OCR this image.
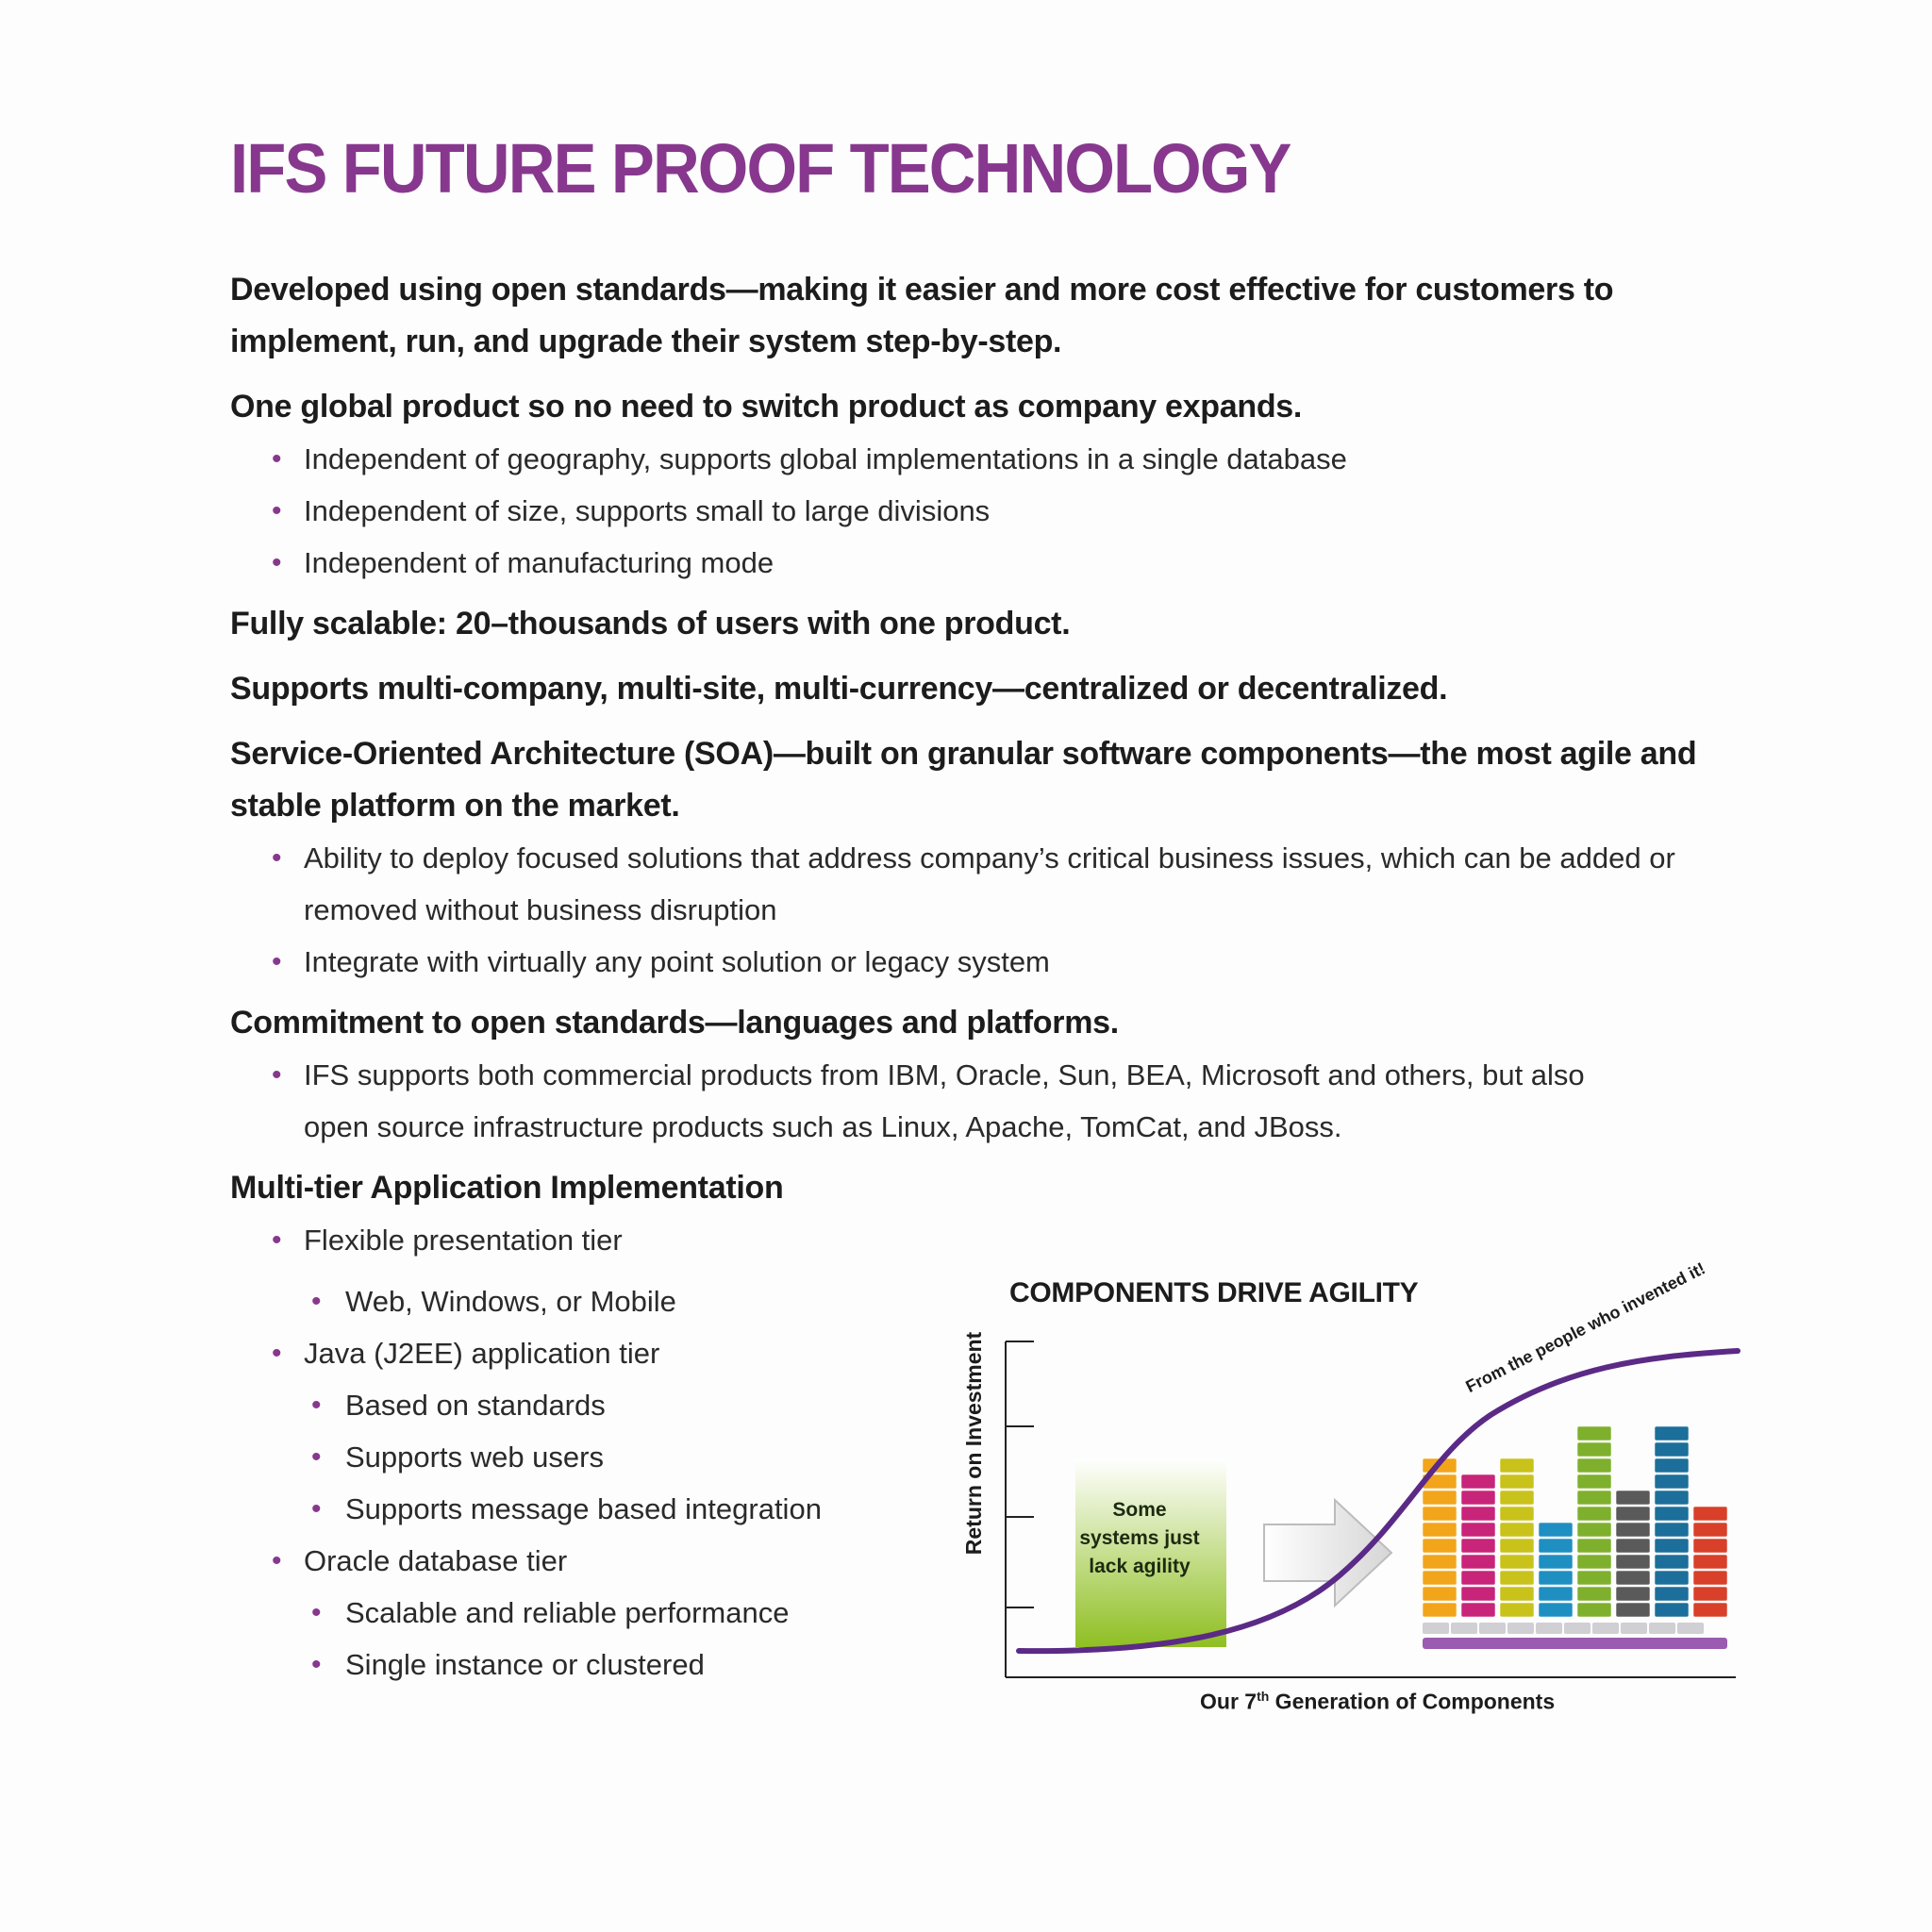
IFS FUTURE PROOF TECHNOLOGY

Developed using open standards—making it easier and more cost effective for customers to implement, run, and upgrade their system step-by-step.

One global product so no need to switch product as company expands.

• Independent of geography, supports global implementations in a single database
• Independent of size, supports small to large divisions
• Independent of manufacturing mode

Fully scalable: 20–thousands of users with one product.

Supports multi-company, multi-site, multi-currency—centralized or decentralized.

Service-Oriented Architecture (SOA)—built on granular software components—the most agile and stable platform on the market.

• Ability to deploy focused solutions that address company’s critical business issues, which can be added or removed without business disruption
• Integrate with virtually any point solution or legacy system

Commitment to open standards—languages and platforms.

• IFS supports both commercial products from IBM, Oracle, Sun, BEA, Microsoft and others, but also open source infrastructure products such as Linux, Apache, TomCat, and JBoss.

Multi-tier Application Implementation

• Flexible presentation tier
• Web, Windows, or Mobile
• Java (J2EE) application tier
• Based on standards
• Supports web users
• Supports message based integration
• Oracle database tier
• Scalable and reliable performance
• Single instance or clustered
COMPONENTS DRIVE AGILITY
Return on Investment
Our 7th Generation of Components
Some systems just lack agility
From the people who invented it!
